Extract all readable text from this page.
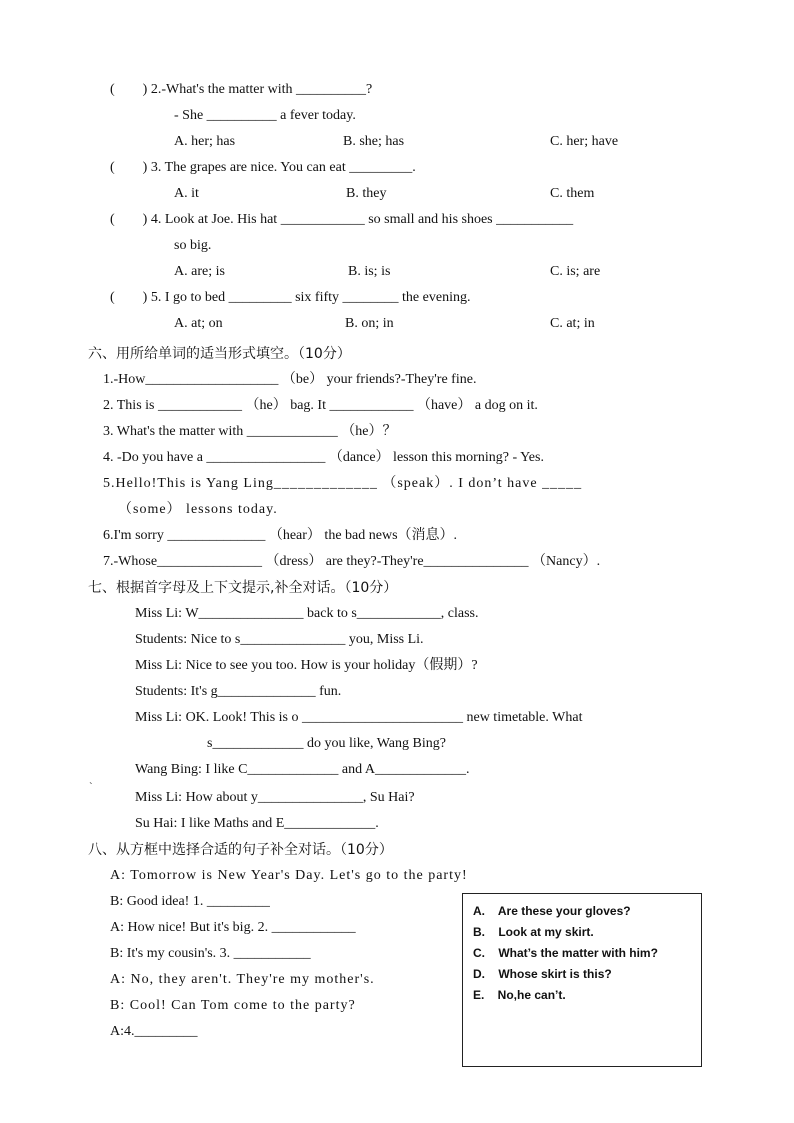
(        ) 2.-What's the matter with __________?
- She __________ a fever today.
A. her; has	B. she; has	C. her; have
(        ) 3. The grapes are nice. You can eat _________.
A. it	B. they	C. them
(        ) 4. Look at Joe. His hat ____________ so small and his shoes ___________
so big.
A. are; is	B. is; is	C. is; are
(        ) 5. I go to bed _________ six fifty ________ the evening.
A. at; on	B. on; in	C. at; in
六、用所给单词的适当形式填空。（10分）
1.-How___________________ （be） your friends?-They're fine.
2. This is ____________ （he） bag. It ____________ （have） a dog on it.
3. What's the matter with _____________ （he）？
4. -Do you have a _________________ （dance） lesson this morning? - Yes.
5.Hello!This is Yang Ling_____________ （speak）. I don’t have _____
（some） lessons today.
6.I'm sorry ______________ （hear） the bad news（消息）.
7.-Whose_______________ （dress） are they?-They're_______________ （Nancy）.
七、根据首字母及上下文提示,补全对话。（10分）
Miss Li: W_______________ back to s____________, class.
Students: Nice to s_______________ you, Miss Li.
Miss Li: Nice to see you too. How is your holiday（假期）?
Students: It's g______________ fun.
Miss Li: OK. Look! This is o _______________________ new timetable. What
s_____________ do you like, Wang Bing?
Wang Bing: I like C_____________ and A_____________.
`
Miss Li: How about y_______________, Su Hai?
Su Hai: I like Maths and E_____________.
八、从方框中选择合适的句子补全对话。（10分）
A: Tomorrow is New Year's Day. Let's go to the party!
B: Good idea! 1. _________
A: How nice! But it's big. 2. ____________
B: It's my cousin's. 3. ___________
A: No, they aren't. They're my mother's.
B: Cool! Can Tom come to the party?
A:4._________
A.    Are these your gloves?
B.    Look at my skirt.
C.    What’s the matter with him?
D.    Whose skirt is this?
E.    No,he can’t.
